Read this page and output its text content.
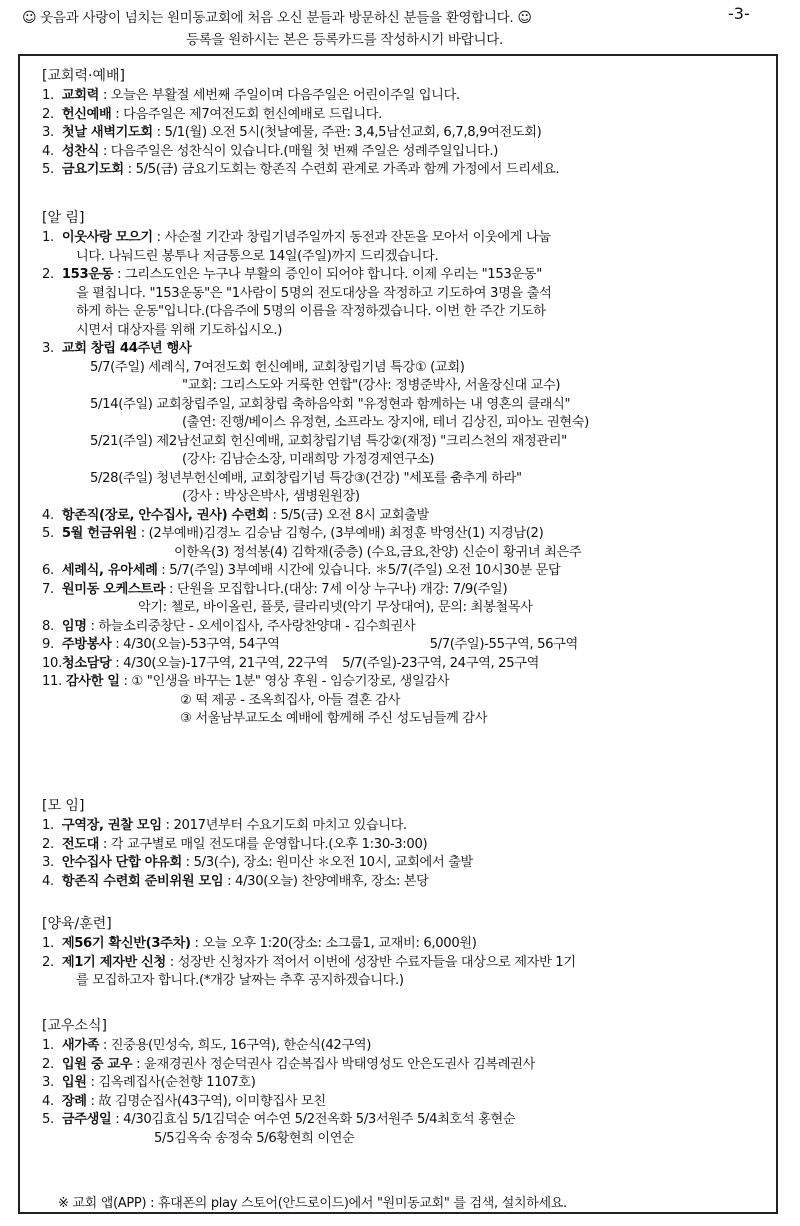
☺ 웃음과 사랑이 넘치는 원미동교회에 처음 오신 분들과 방문하신 분들을 환영합니다. ☺
등록을 원하시는 본은 등록카드를 작성하시기 바랍니다.
-3-
[교회력·예배]
1. 교회력 : 오늘은 부활절 세번째 주일이며 다음주일은 어린이주일 입니다.
2. 헌신예배 : 다음주일은 제7여전도회 헌신예배로 드립니다.
3. 첫날 새벽기도회 : 5/1(월) 오전 5시(첫날예물, 주관: 3,4,5남선교회, 6,7,8,9여전도회)
4. 성찬식 : 다음주일은 성찬식이 있습니다.(매월 첫 번째 주일은 성례주일입니다.)
5. 금요기도회 : 5/5(금) 금요기도회는 항존직 수련회 관계로 가족과 함께 가정에서 드리세요.
[알 림]
1. 이웃사랑 모으기 : 사순절 기간과 창립기념주일까지 동전과 잔돈을 모아서 이웃에게 나눕
니다. 나눠드린 봉투나 저금통으로 14일(주일)까지 드리겠습니다.
2. 153운동 : 그리스도인은 누구나 부활의 증인이 되어야 합니다. 이제 우리는 "153운동"
을 펼칩니다. "153운동"은 "1사람이 5명의 전도대상을 작정하고 기도하여 3명을 출석
하게 하는 운동"입니다.(다음주에 5명의 이름을 작정하겠습니다. 이번 한 주간 기도하
시면서 대상자를 위해 기도하십시오.)
3. 교회 창립 44주년 행사
5/7(주일) 세례식, 7여전도회 헌신예배, 교회창립기념 특강① (교회)
"교회: 그리스도와 거룩한 연합"(강사: 정병준박사, 서울장신대 교수)
5/14(주일) 교회창립주일, 교회창립 축하음악회 "유정현과 함께하는 내 영혼의 클래식"
(출연: 진행/베이스 유정현, 소프라노 장지애, 테너 김상진, 피아노 권현숙)
5/21(주일) 제2남선교회 헌신예배, 교회창립기념 특강②(재정) "크리스천의 재정관리"
(강사: 김남순소장, 미래희망 가정경제연구소)
5/28(주일) 청년부헌신예배, 교회창립기념 특강③(건강) "세포를 춤추게 하라"
(강사 : 박상은박사, 샘병원원장)
4. 항존직(장로, 안수집사, 권사) 수련회 : 5/5(금) 오전 8시 교회출발
5. 5월 헌금위원 : (2부예배)김경노 김승남 김형수, (3부예배) 최정훈 박영산(1) 지경남(2)
이한옥(3) 정석봉(4) 김학재(중층) (수요,금요,찬양) 신순이 황귀녀 최은주
6. 세례식, 유아세례 : 5/7(주일) 3부예배 시간에 있습니다. ＊5/7(주일) 오전 10시30분 문답
7. 원미동 오케스트라 : 단원을 모집합니다.(대상: 7세 이상 누구나) 개강: 7/9(주일)
악기: 첼로, 바이올린, 플룻, 클라리넷(악기 무상대여), 문의: 최봉철목사
8. 임명 : 하늘소리중창단 - 오세이집사, 주사랑찬양대 - 김수희권사
9. 주방봉사 : 4/30(오늘)-53구역, 54구역	5/7(주일)-55구역, 56구역
10. 청소담당 : 4/30(오늘)-17구역, 21구역, 22구역 5/7(주일)-23구역, 24구역, 25구역
11. 감사한 일 : ① "인생을 바꾸는 1분" 영상 후원 - 임승기장로, 생일감사
② 떡 제공 - 조옥희집사, 아들 결혼 감사
③ 서울남부교도소 예배에 함께해 주신 성도님들께 감사
[모 임]
1. 구역장, 권찰 모임 : 2017년부터 수요기도회 마치고 있습니다.
2. 전도대 : 각 교구별로 매일 전도대를 운영합니다.(오후 1:30-3:00)
3. 안수집사 단합 야유회 : 5/3(수), 장소: 원미산 ＊오전 10시, 교회에서 출발
4. 항존직 수련회 준비위원 모임 : 4/30(오늘) 찬양예배후, 장소: 본당
[양육/훈련]
1. 제56기 확신반(3주차) : 오늘 오후 1:20(장소: 소그룹1, 교재비: 6,000원)
2. 제1기 제자반 신청 : 성장반 신청자가 적어서 이번에 성장반 수료자들을 대상으로 제자반 1기
를 모집하고자 합니다.(*개강 날짜는 추후 공지하겠습니다.)
[교우소식]
1. 새가족 : 진중용(민성숙, 희도, 16구역), 한순식(42구역)
2. 입원 중 교우 : 윤재경권사 정순덕권사 김순복집사 박태영성도 안은도권사 김복례권사
3. 입원 : 김옥례집사(순천향 1107호)
4. 장례 : 故 김명순집사(43구역), 이미향집사 모친
5. 금주생일 : 4/30김효심 5/1김덕순 여수연 5/2전옥화 5/3서원주 5/4최호석 홍현순
5/5김옥숙 송정숙 5/6황현희 이연순
※ 교회 앱(APP) : 휴대폰의 play 스토어(안드로이드)에서 "원미동교회" 를 검색, 설치하세요.
